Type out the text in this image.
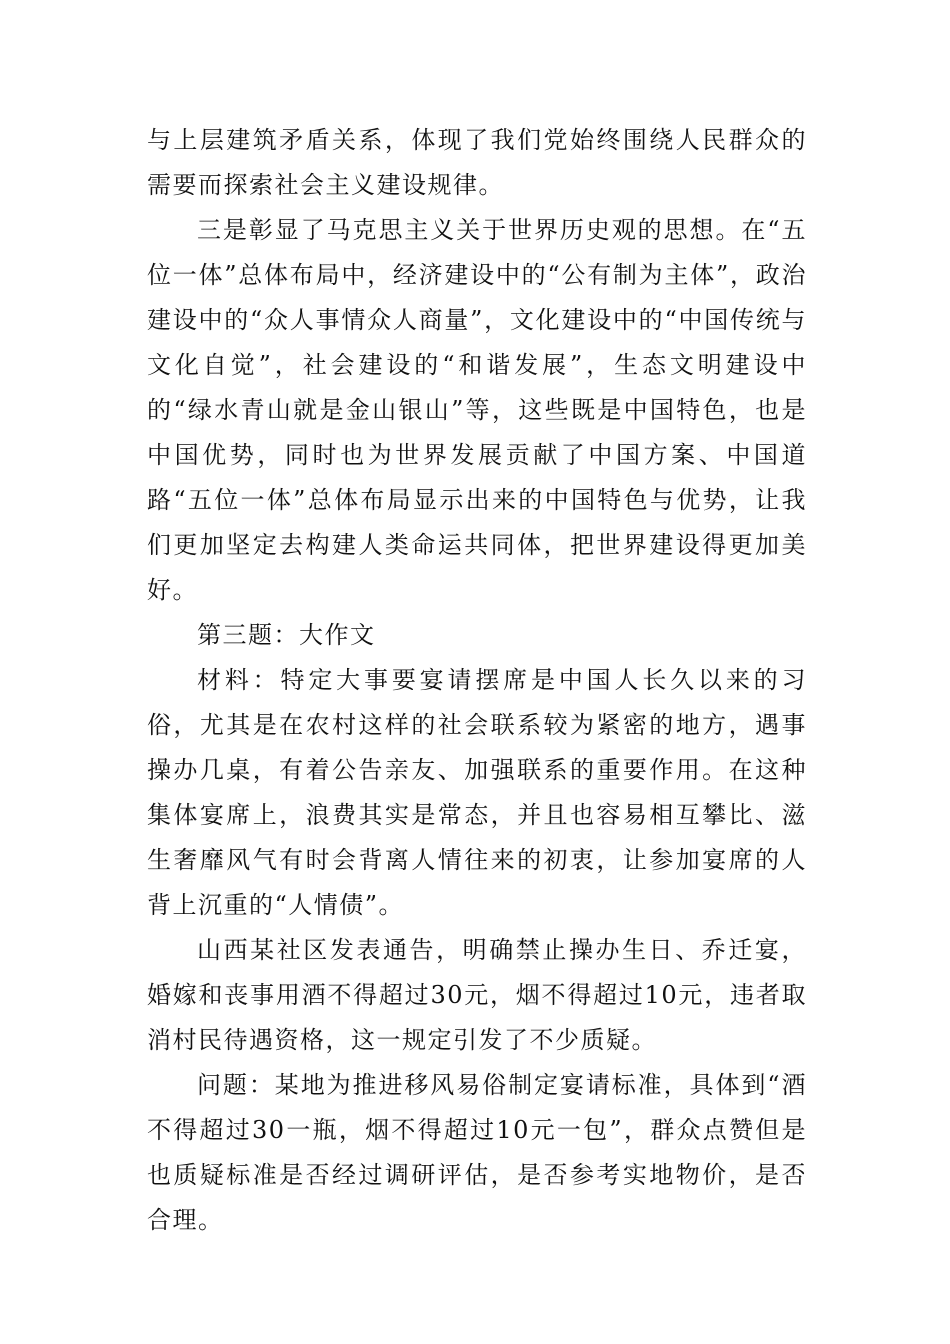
与上层建筑矛盾关系，体现了我们党始终围绕人民群众的需要而探索社会主义建设规律。

三是彰显了马克思主义关于世界历史观的思想。在“五位一体”总体布局中，经济建设中的“公有制为主体”，政治建设中的“众人事情众人商量”，文化建设中的“中国传统与文化自觉”，社会建设的“和谐发展”，生态文明建设中的“绿水青山就是金山银山”等，这些既是中国特色，也是中国优势，同时也为世界发展贡献了中国方案、中国道路“五位一体”总体布局显示出来的中国特色与优势，让我们更加坚定去构建人类命运共同体，把世界建设得更加美好。

第三题：大作文

材料：特定大事要宴请摆席是中国人长久以来的习俗，尤其是在农村这样的社会联系较为紧密的地方，遇事操办几桌，有着公告亲友、加强联系的重要作用。在这种集体宴席上，浪费其实是常态，并且也容易相互攀比、滋生奢靡风气有时会背离人情往来的初衷，让参加宴席的人背上沉重的“人情债”。

山西某社区发表通告，明确禁止操办生日、乔迁宴，婚嫁和丧事用酒不得超过30元，烟不得超过10元，违者取消村民待遇资格，这一规定引发了不少质疑。

问题：某地为推进移风易俗制定宴请标准，具体到“酒不得超过30一瓶，烟不得超过10元一包”，群众点赞但是也质疑标准是否经过调研评估，是否参考实地物价，是否合理。
